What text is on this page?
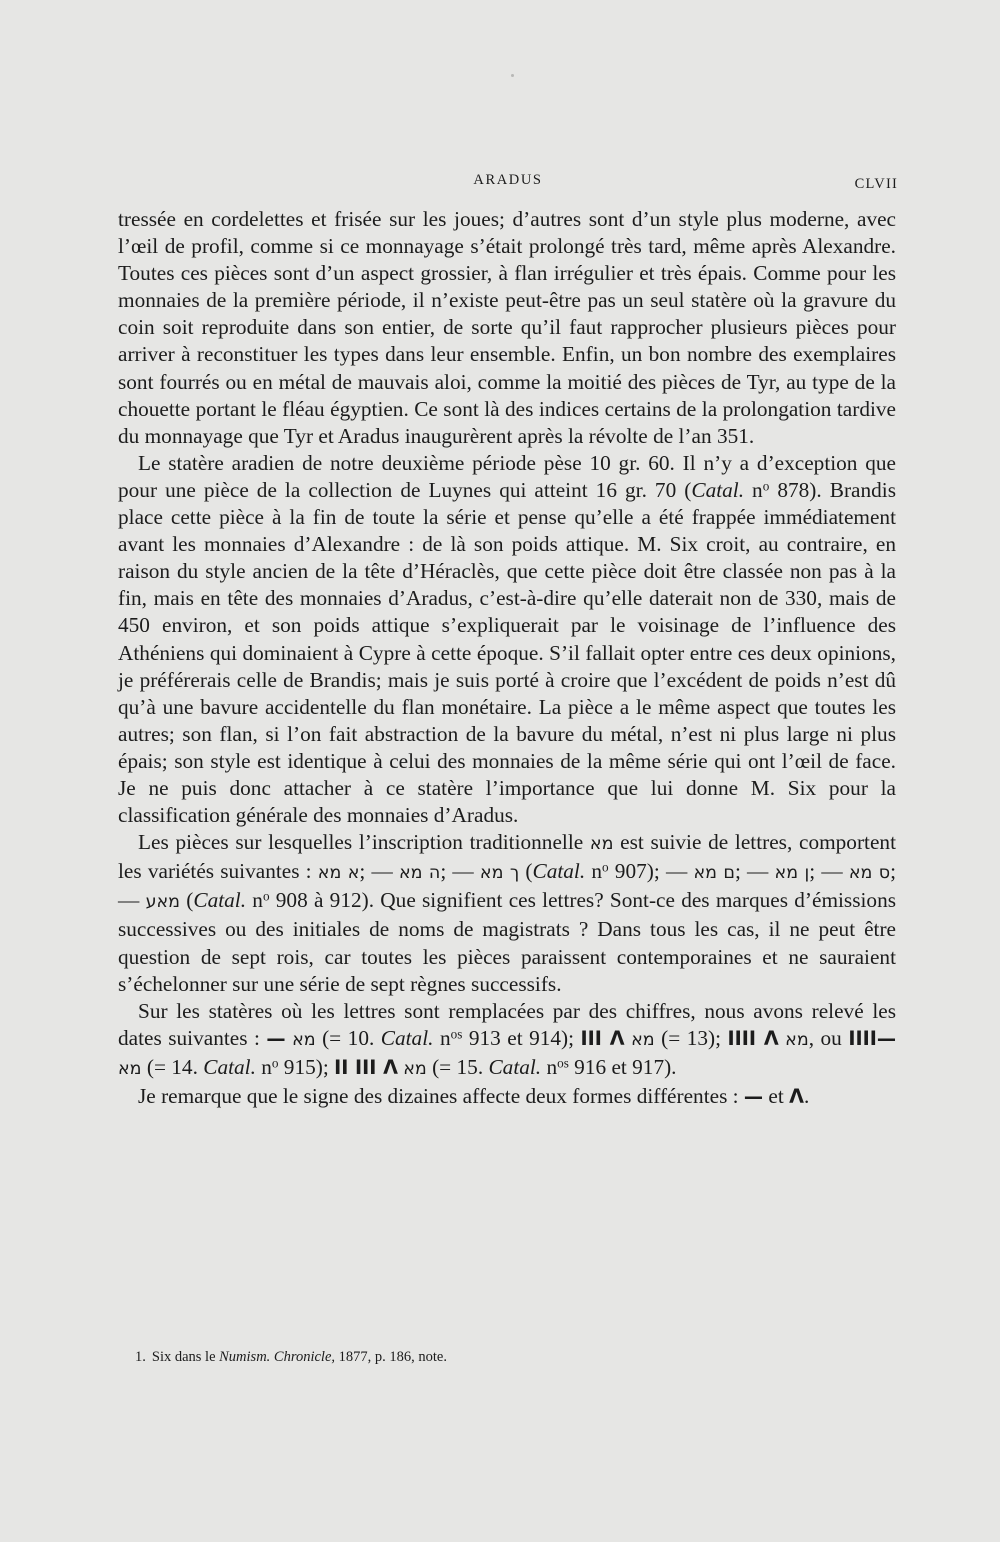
ARADUS	CLVII

tressée en cordelettes et frisée sur les joues; d’autres sont d’un style plus moderne, avec l’œil de profil, comme si ce monnayage s’était prolongé très tard, même après Alexandre. Toutes ces pièces sont d’un aspect grossier, à flan irrégulier et très épais. Comme pour les monnaies de la première période, il n’existe peut-être pas un seul statère où la gravure du coin soit reproduite dans son entier, de sorte qu’il faut rapprocher plusieurs pièces pour arriver à reconstituer les types dans leur ensemble. Enfin, un bon nombre des exemplaires sont fourrés ou en métal de mauvais aloi, comme la moitié des pièces de Tyr, au type de la chouette portant le fléau égyptien. Ce sont là des indices certains de la prolongation tardive du monnayage que Tyr et Aradus inaugurèrent après la révolte de l’an 351.

Le statère aradien de notre deuxième période pèse 10 gr. 60. Il n’y a d’exception que pour une pièce de la collection de Luynes qui atteint 16 gr. 70 (Catal. $n^o$ 878). Brandis place cette pièce à la fin de toute la série et pense qu’elle a été frappée immédiatement avant les monnaies d’Alexandre : de là son poids attique. M. Six croit, au contraire, en raison du style ancien de la tête d’Héraclès, que cette pièce doit être classée non pas à la fin, mais en tête des monnaies d’Aradus, c’est-à-dire qu’elle daterait non de 330, mais de 450 environ, et son poids attique s’expliquerait par le voisinage de l’influence des Athéniens qui dominaient à Cypre à cette époque. S’il fallait opter entre ces deux opinions, je préférerais celle de Brandis; mais je suis porté à croire que l’excédent de poids n’est dû qu’à une bavure accidentelle du flan monétaire. La pièce a le même aspect que toutes les autres; son flan, si l’on fait abstraction de la bavure du métal, n’est ni plus large ni plus épais; son style est identique à celui des monnaies de la même série qui ont l’œil de face. Je ne puis donc attacher à ce statère l’importance que lui donne M. Six pour la classification générale des monnaies d’Aradus.

Les pièces sur lesquelles l’inscription traditionnelle מא est suivie de lettres, comportent les variétés suivantes : א מא; — ה מא; — ך מא (Catal. $n^o$ 907); — ם מא; — ן מא; — ס מא; — מאע (Catal. $n^o$ 908 à 912). Que signifient ces lettres? Sont-ce des marques d’émissions successives ou des initiales de noms de magistrats ? Dans tous les cas, il ne peut être question de sept rois, car toutes les pièces paraissent contemporaines et ne sauraient s’échelonner sur une série de sept règnes successifs.

Sur les statères où les lettres sont remplacées par des chiffres, nous avons relevé les dates suivantes : — מא (= 10. Catal. $n^{os}$ 913 et 914); III Λ מא (= 13); IIII Λ מא, ou IIII— מא (= 14. Catal. $n^o$ 915); II III Λ מא (= 15. Catal. $n^{os}$ 916 et 917).

Je remarque que le signe des dizaines affecte deux formes différentes : — et Λ.

1. Six dans le Numism. Chronicle, 1877, p. 186, note.
